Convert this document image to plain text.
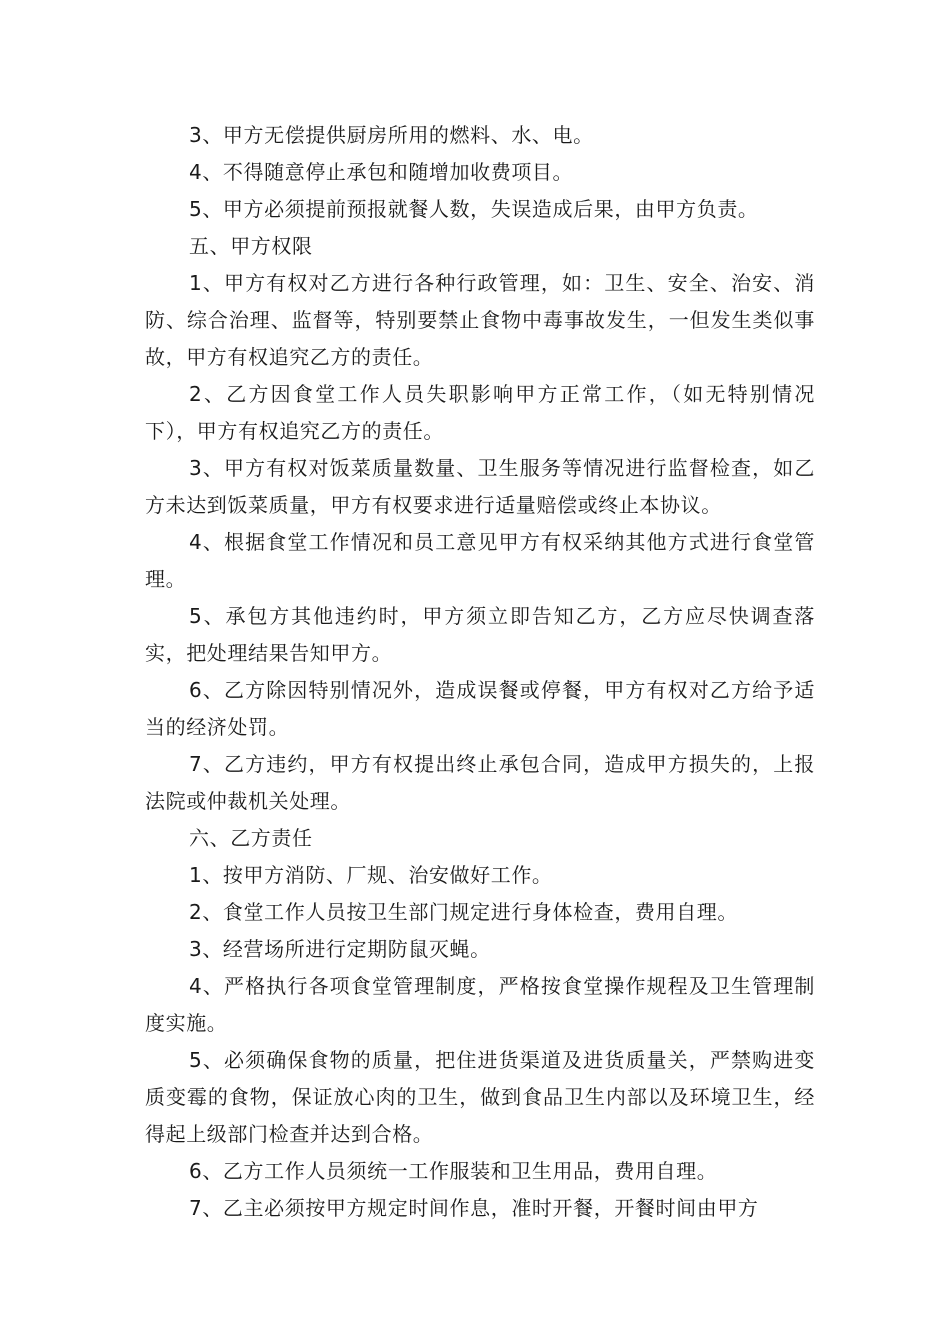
3、甲方无偿提供厨房所用的燃料、水、电。

4、不得随意停止承包和随增加收费项目。

5、甲方必须提前预报就餐人数，失误造成后果，由甲方负责。

五、甲方权限

1、甲方有权对乙方进行各种行政管理，如：卫生、安全、治安、消防、综合治理、监督等，特别要禁止食物中毒事故发生，一但发生类似事故，甲方有权追究乙方的责任。

2、乙方因食堂工作人员失职影响甲方正常工作，（如无特别情况下），甲方有权追究乙方的责任。

3、甲方有权对饭菜质量数量、卫生服务等情况进行监督检查，如乙方未达到饭菜质量，甲方有权要求进行适量赔偿或终止本协议。

4、根据食堂工作情况和员工意见甲方有权采纳其他方式进行食堂管理。

5、承包方其他违约时，甲方须立即告知乙方，乙方应尽快调查落实，把处理结果告知甲方。

6、乙方除因特别情况外，造成误餐或停餐，甲方有权对乙方给予适当的经济处罚。

7、乙方违约，甲方有权提出终止承包合同，造成甲方损失的，上报法院或仲裁机关处理。

六、乙方责任

1、按甲方消防、厂规、治安做好工作。

2、食堂工作人员按卫生部门规定进行身体检查，费用自理。

3、经营场所进行定期防鼠灭蝇。

4、严格执行各项食堂管理制度，严格按食堂操作规程及卫生管理制度实施。

5、必须确保食物的质量，把住进货渠道及进货质量关，严禁购进变质变霉的食物，保证放心肉的卫生，做到食品卫生内部以及环境卫生，经得起上级部门检查并达到合格。

6、乙方工作人员须统一工作服装和卫生用品，费用自理。

7、乙主必须按甲方规定时间作息，准时开餐，开餐时间由甲方
